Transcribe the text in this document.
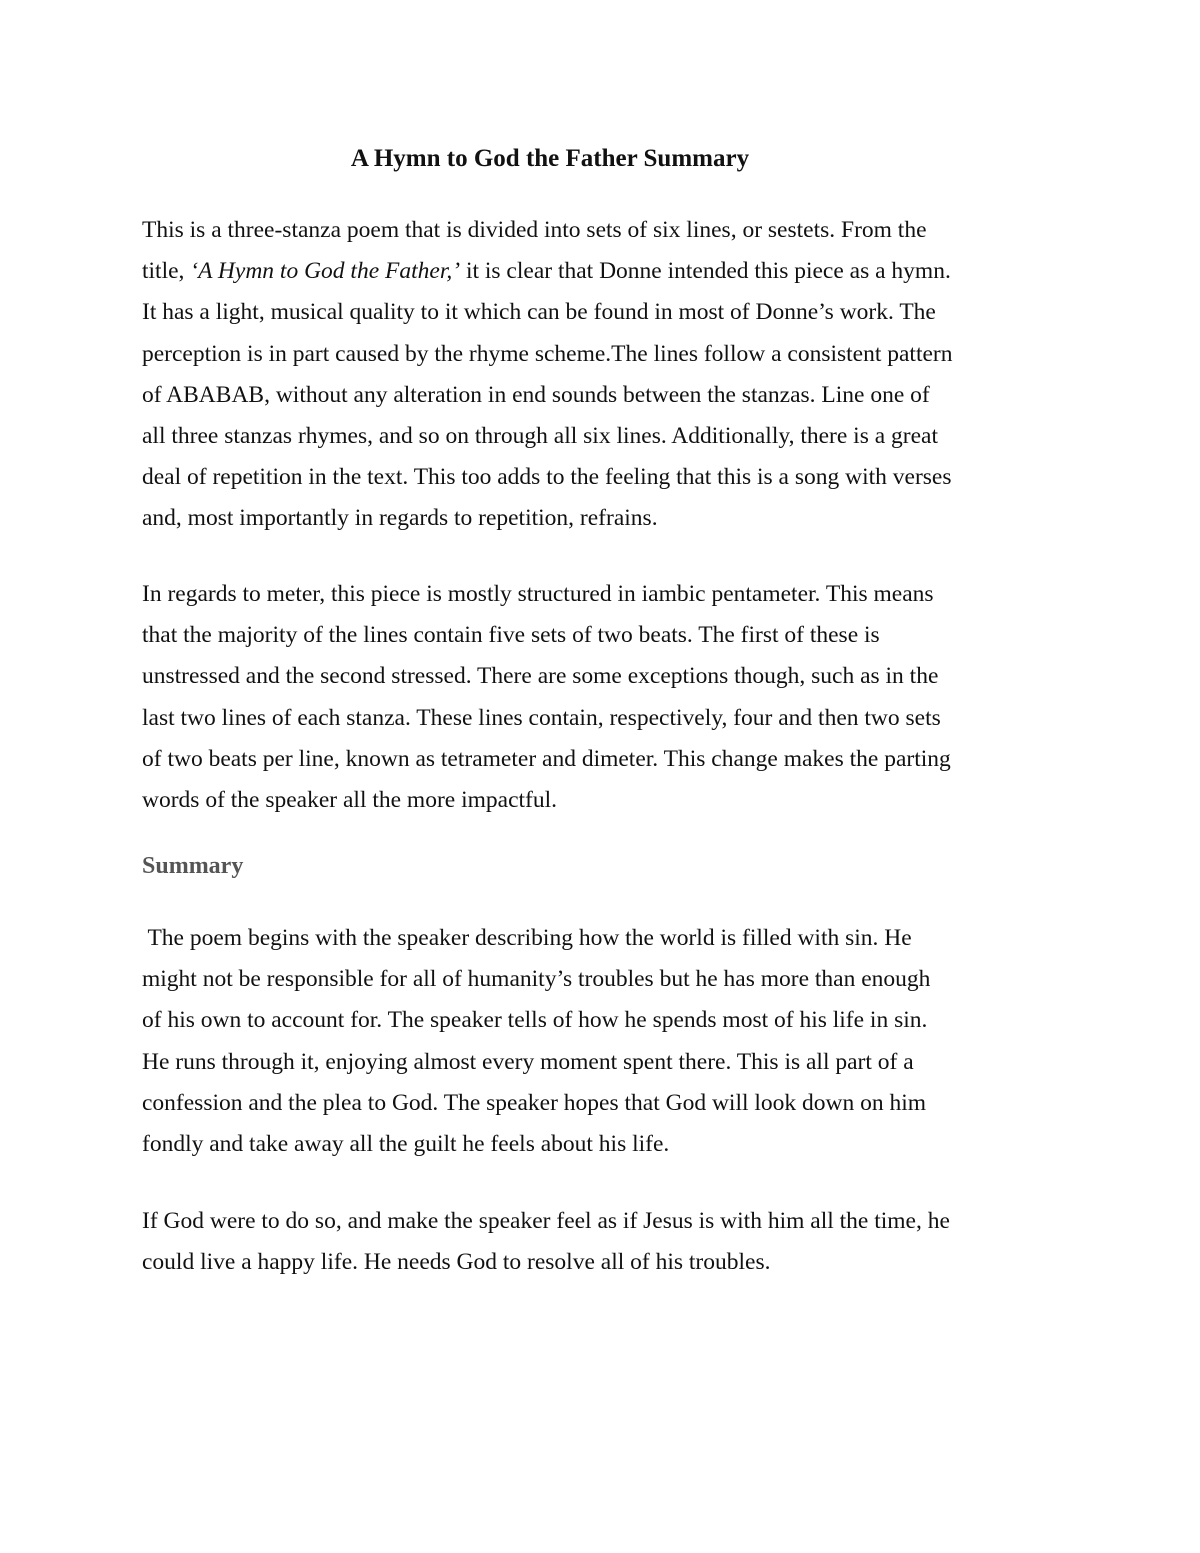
A Hymn to God the Father Summary

This is a three-stanza poem that is divided into sets of six lines, or sestets. From the
title, ‘A Hymn to God the Father,’ it is clear that Donne intended this piece as a hymn.
It has a light, musical quality to it which can be found in most of Donne’s work. The
perception is in part caused by the rhyme scheme.The lines follow a consistent pattern
of ABABAB, without any alteration in end sounds between the stanzas. Line one of
all three stanzas rhymes, and so on through all six lines. Additionally, there is a great
deal of repetition in the text. This too adds to the feeling that this is a song with verses
and, most importantly in regards to repetition, refrains.

In regards to meter, this piece is mostly structured in iambic pentameter. This means
that the majority of the lines contain five sets of two beats. The first of these is
unstressed and the second stressed. There are some exceptions though, such as in the
last two lines of each stanza. These lines contain, respectively, four and then two sets
of two beats per line, known as tetrameter and dimeter. This change makes the parting
words of the speaker all the more impactful.

Summary

The poem begins with the speaker describing how the world is filled with sin. He
might not be responsible for all of humanity’s troubles but he has more than enough
of his own to account for. The speaker tells of how he spends most of his life in sin.
He runs through it, enjoying almost every moment spent there. This is all part of a
confession and the plea to God. The speaker hopes that God will look down on him
fondly and take away all the guilt he feels about his life.

If God were to do so, and make the speaker feel as if Jesus is with him all the time, he
could live a happy life. He needs God to resolve all of his troubles.
